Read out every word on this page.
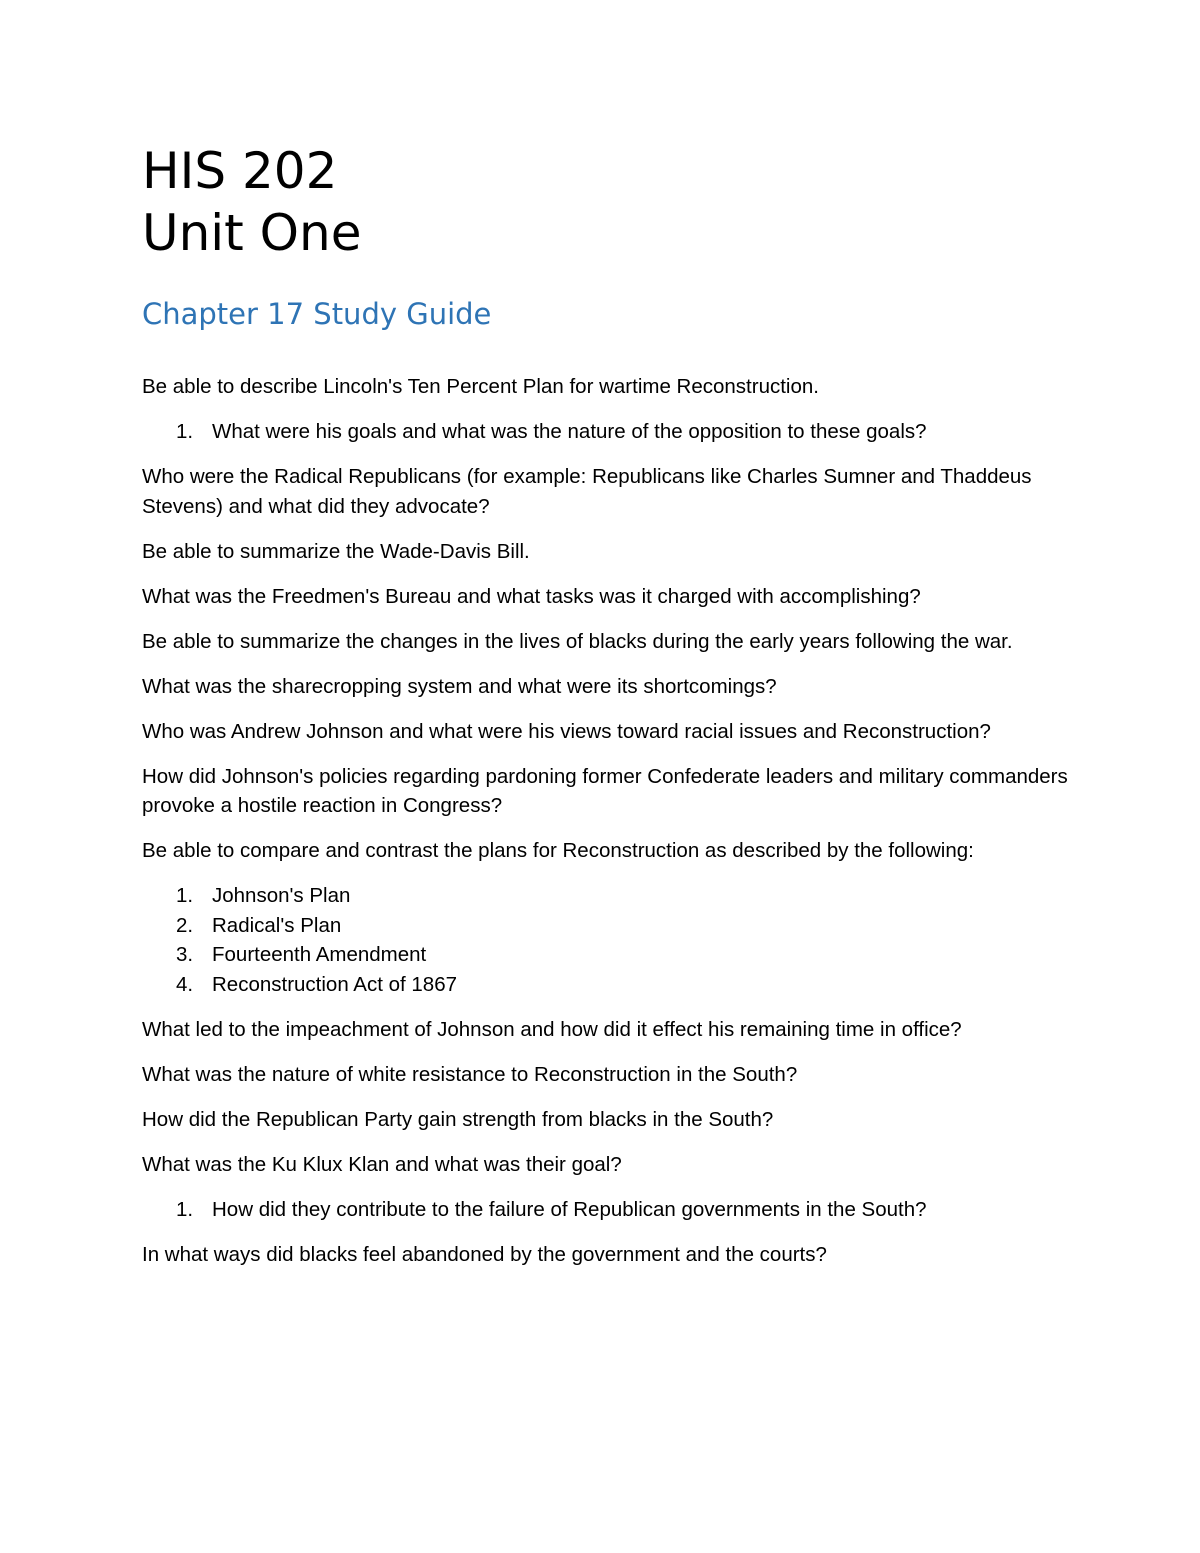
HIS 202
Unit One
Chapter 17 Study Guide

Be able to describe Lincoln's Ten Percent Plan for wartime Reconstruction.

1. What were his goals and what was the nature of the opposition to these goals?

Who were the Radical Republicans (for example: Republicans like Charles Sumner and Thaddeus Stevens) and what did they advocate?

Be able to summarize the Wade-Davis Bill.

What was the Freedmen's Bureau and what tasks was it charged with accomplishing?

Be able to summarize the changes in the lives of blacks during the early years following the war.

What was the sharecropping system and what were its shortcomings?

Who was Andrew Johnson and what were his views toward racial issues and Reconstruction?

How did Johnson's policies regarding pardoning former Confederate leaders and military commanders provoke a hostile reaction in Congress?

Be able to compare and contrast the plans for Reconstruction as described by the following:

1. Johnson's Plan
2. Radical's Plan
3. Fourteenth Amendment
4. Reconstruction Act of 1867

What led to the impeachment of Johnson and how did it effect his remaining time in office?

What was the nature of white resistance to Reconstruction in the South?

How did the Republican Party gain strength from blacks in the South?

What was the Ku Klux Klan and what was their goal?

1. How did they contribute to the failure of Republican governments in the South?

In what ways did blacks feel abandoned by the government and the courts?
